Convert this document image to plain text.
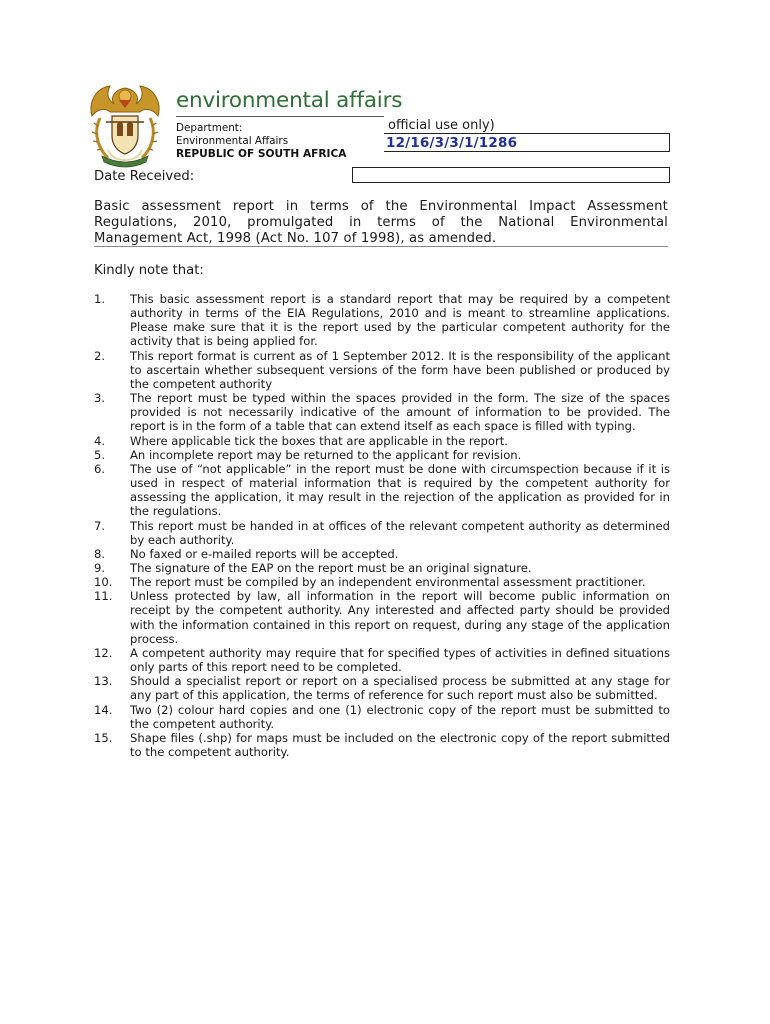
official use only)
12/16/3/3/1/1286
environmental affairs
Department:
Environmental Affairs
REPUBLIC OF SOUTH AFRICA
Date Received:
Basic assessment report in terms of the Environmental Impact Assessment Regulations, 2010, promulgated in terms of the National Environmental Management Act, 1998 (Act No. 107 of 1998), as amended.
Kindly note that:
1.	This basic assessment report is a standard report that may be required by a competent authority in terms of the EIA Regulations, 2010 and is meant to streamline applications. Please make sure that it is the report used by the particular competent authority for the activity that is being applied for.
2.	This report format is current as of 1 September 2012. It is the responsibility of the applicant to ascertain whether subsequent versions of the form have been published or produced by the competent authority
3.	The report must be typed within the spaces provided in the form. The size of the spaces provided is not necessarily indicative of the amount of information to be provided. The report is in the form of a table that can extend itself as each space is filled with typing.
4.	Where applicable tick the boxes that are applicable in the report.
5.	An incomplete report may be returned to the applicant for revision.
6.	The use of “not applicable” in the report must be done with circumspection because if it is used in respect of material information that is required by the competent authority for assessing the application, it may result in the rejection of the application as provided for in the regulations.
7.	This report must be handed in at offices of the relevant competent authority as determined by each authority.
8.	No faxed or e-mailed reports will be accepted.
9.	The signature of the EAP on the report must be an original signature.
10.	The report must be compiled by an independent environmental assessment practitioner.
11.	Unless protected by law, all information in the report will become public information on receipt by the competent authority. Any interested and affected party should be provided with the information contained in this report on request, during any stage of the application process.
12.	A competent authority may require that for specified types of activities in defined situations only parts of this report need to be completed.
13.	Should a specialist report or report on a specialised process be submitted at any stage for any part of this application, the terms of reference for such report must also be submitted.
14.	Two (2) colour hard copies and one (1) electronic copy of the report must be submitted to the competent authority.
15.	Shape files (.shp) for maps must be included on the electronic copy of the report submitted to the competent authority.
